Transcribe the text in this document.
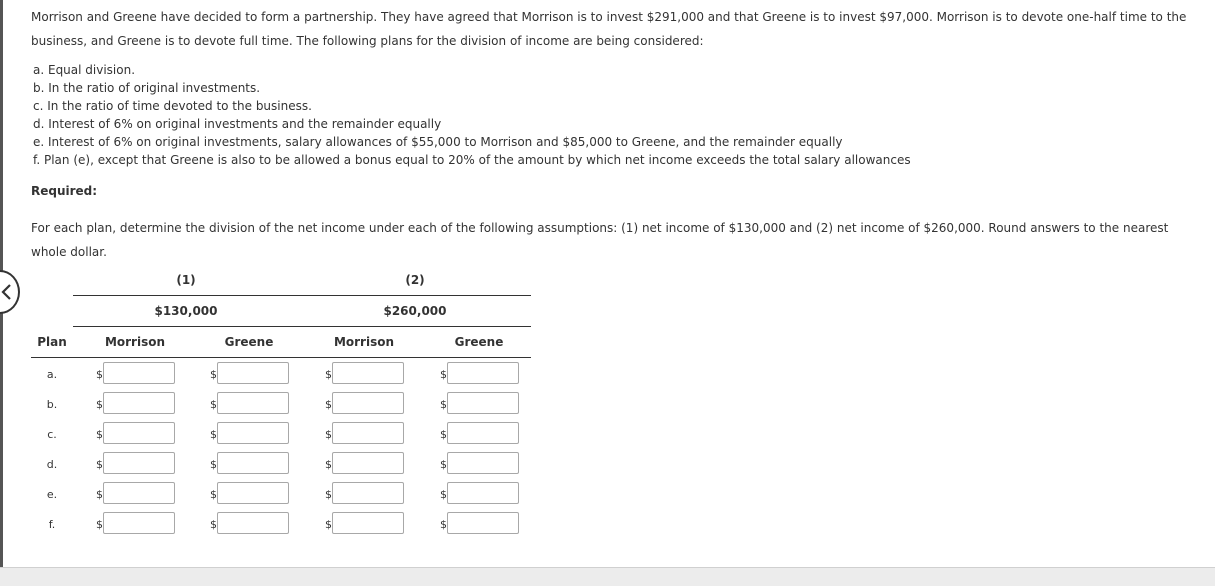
Morrison and Greene have decided to form a partnership. They have agreed that Morrison is to invest $291,000 and that Greene is to invest $97,000. Morrison is to devote one-half time to the business, and Greene is to devote full time. The following plans for the division of income are being considered:

a. Equal division.
b. In the ratio of original investments.
c. In the ratio of time devoted to the business.
d. Interest of 6% on original investments and the remainder equally
e. Interest of 6% on original investments, salary allowances of $55,000 to Morrison and $85,000 to Greene, and the remainder equally
f. Plan (e), except that Greene is also to be allowed a bonus equal to 20% of the amount by which net income exceeds the total salary allowances
Required:

For each plan, determine the division of the net income under each of the following assumptions: (1) net income of $130,000 and (2) net income of $260,000. Round answers to the nearest whole dollar.

(1)	(2)
$130,000	$260,000
Plan	Morrison	Greene	Morrison	Greene
a.	$	$	$	$
b.	$	$	$	$
c.	$	$	$	$
d.	$	$	$	$
e.	$	$	$	$
f.	$	$	$	$
